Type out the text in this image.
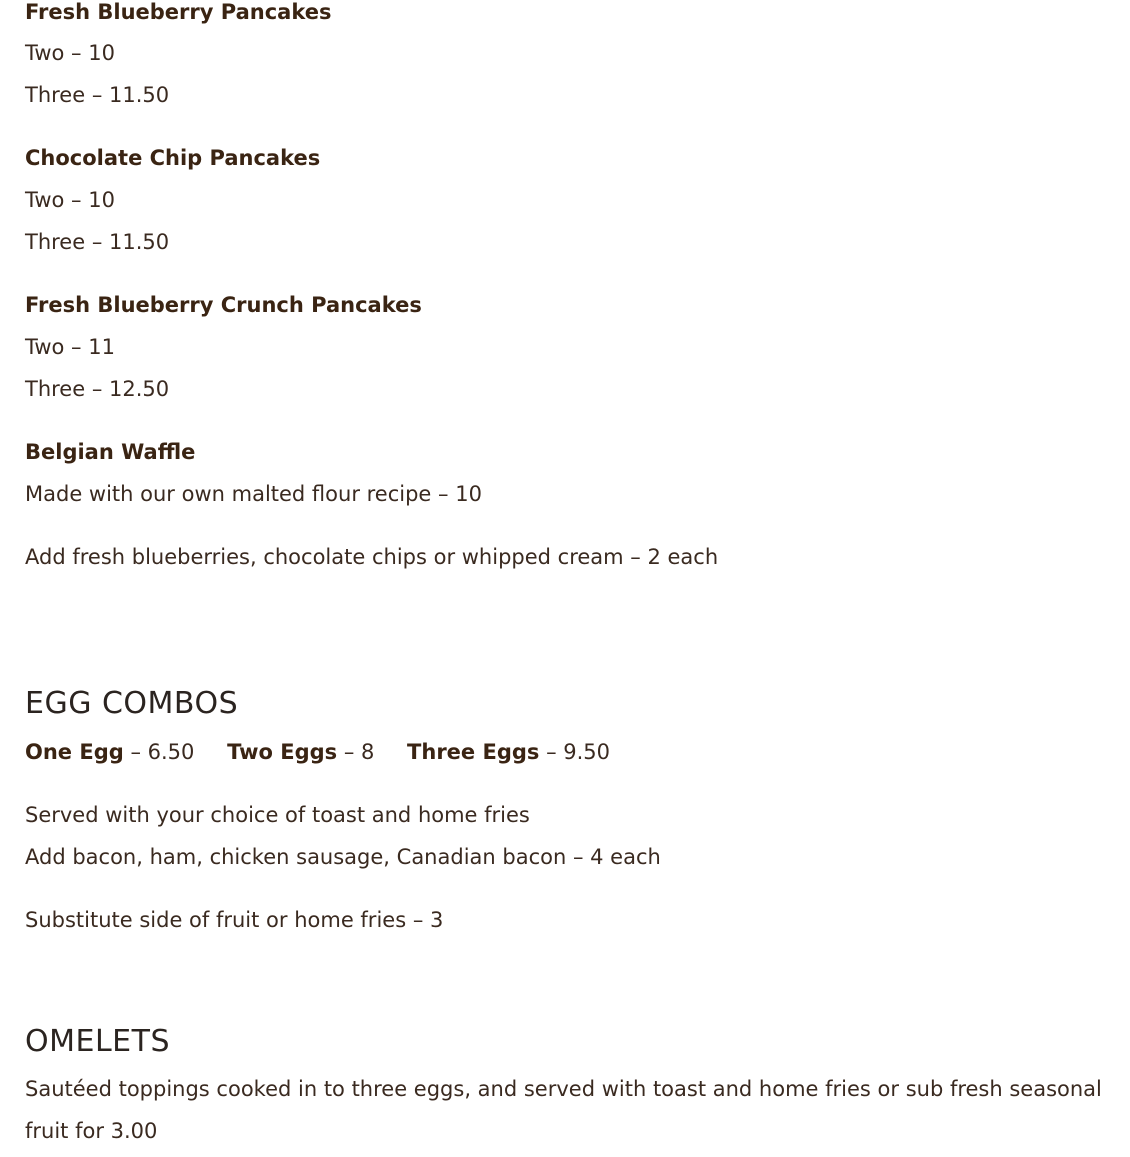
Fresh Blueberry Pancakes
Two – 10
Three – 11.50
Chocolate Chip Pancakes
Two – 10
Three – 11.50
Fresh Blueberry Crunch Pancakes
Two – 11
Three – 12.50
Belgian Waffle
Made with our own malted flour recipe – 10
Add fresh blueberries, chocolate chips or whipped cream – 2 each
EGG COMBOS
One Egg – 6.50 Two Eggs – 8 Three Eggs – 9.50
Served with your choice of toast and home fries
Add bacon, ham, chicken sausage, Canadian bacon – 4 each
Substitute side of fruit or home fries – 3
OMELETS
Sautéed toppings cooked in to three eggs, and served with toast and home fries or sub fresh seasonal fruit for 3.00
